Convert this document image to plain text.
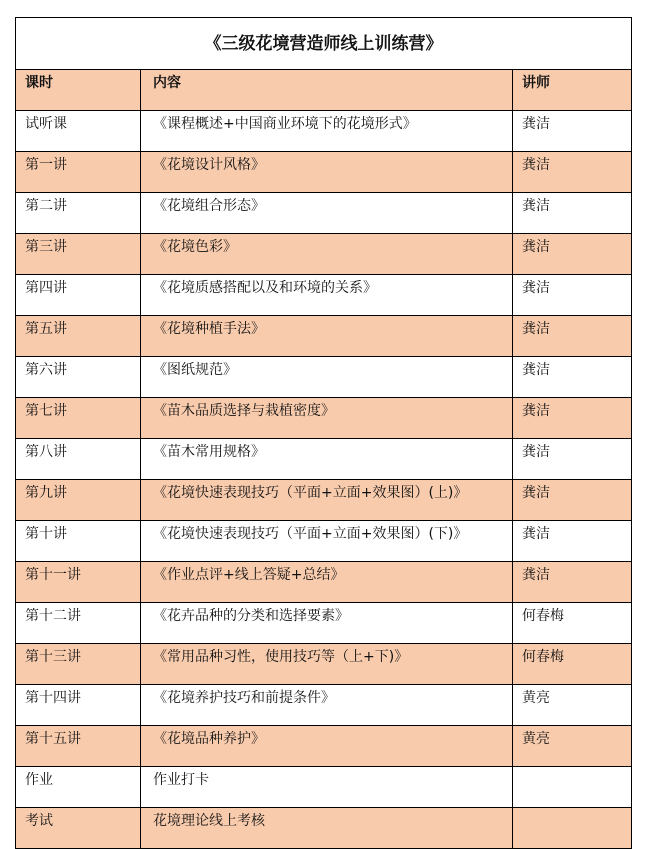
《三级花境营造师线上训练营》		
课时	内容	讲师
试听课	《课程概述+中国商业环境下的花境形式》	龚洁
第一讲	《花境设计风格》	龚洁
第二讲	《花境组合形态》	龚洁
第三讲	《花境色彩》	龚洁
第四讲	《花境质感搭配以及和环境的关系》	龚洁
第五讲	《花境种植手法》	龚洁
第六讲	《图纸规范》	龚洁
第七讲	《苗木品质选择与栽植密度》	龚洁
第八讲	《苗木常用规格》	龚洁
第九讲	《花境快速表现技巧（平面+立面+效果图）(上)》	龚洁
第十讲	《花境快速表现技巧（平面+立面+效果图）(下)》	龚洁
第十一讲	《作业点评+线上答疑+总结》	龚洁
第十二讲	《花卉品种的分类和选择要素》	何春梅
第十三讲	《常用品种习性，使用技巧等（上+下)》	何春梅
第十四讲	《花境养护技巧和前提条件》	黄亮
第十五讲	《花境品种养护》	黄亮
作业	作业打卡	
考试	花境理论线上考核	
